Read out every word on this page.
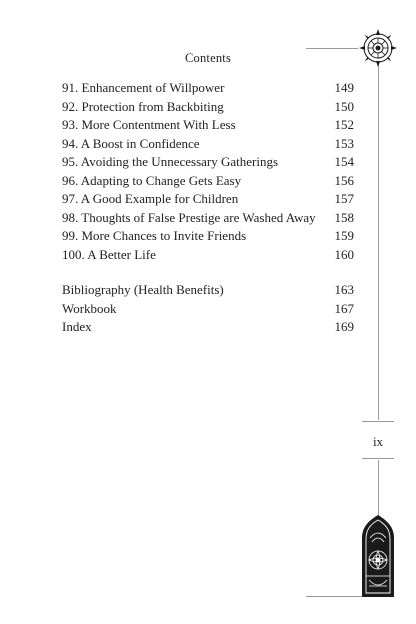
Contents
91. Enhancement of Willpower	149
92. Protection from Backbiting	150
93. More Contentment With Less	152
94. A Boost in Confidence	153
95. Avoiding the Unnecessary Gatherings	154
96. Adapting to Change Gets Easy	156
97. A Good Example for Children	157
98. Thoughts of False Prestige are Washed Away 158
99. More Chances to Invite Friends	159
100. A Better Life	160
Bibliography (Health Benefits)	163
Workbook	167
Index	169
ix
